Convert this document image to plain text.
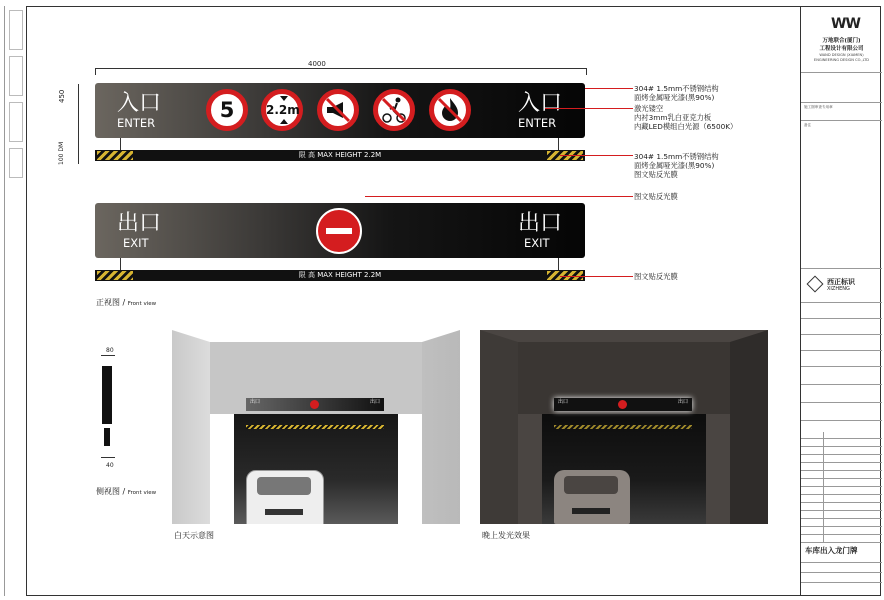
4000
450
100 DM
入口
ENTER
入口
ENTER
5	2.2m
限 高 MAX HEIGHT 2.2M
出口
EXIT
出口
EXIT
限 高 MAX HEIGHT 2.2M
304# 1.5mm不锈钢结构
面烤金属哑光漆(黑90%)
激光镂空
内衬3mm乳白亚克力板
内藏LED模组白光源（6500K）
304# 1.5mm不锈钢结构
面烤金属哑光漆(黑90%)
图文贴反光膜
图文贴反光膜
图文贴反光膜
正视图 / Front view
80
40
侧视图 / Front view
出口	出口
白天示意图
出口	出口
晚上发光效果
WW
万地联合(厦门)
工程设计有限公司
WAND DESIGN (XIAMEN)
ENGINEERING DESIGN CO.,LTD
施工图审查专用章
备注
西正标识
XIZHENG
车库出入龙门牌
